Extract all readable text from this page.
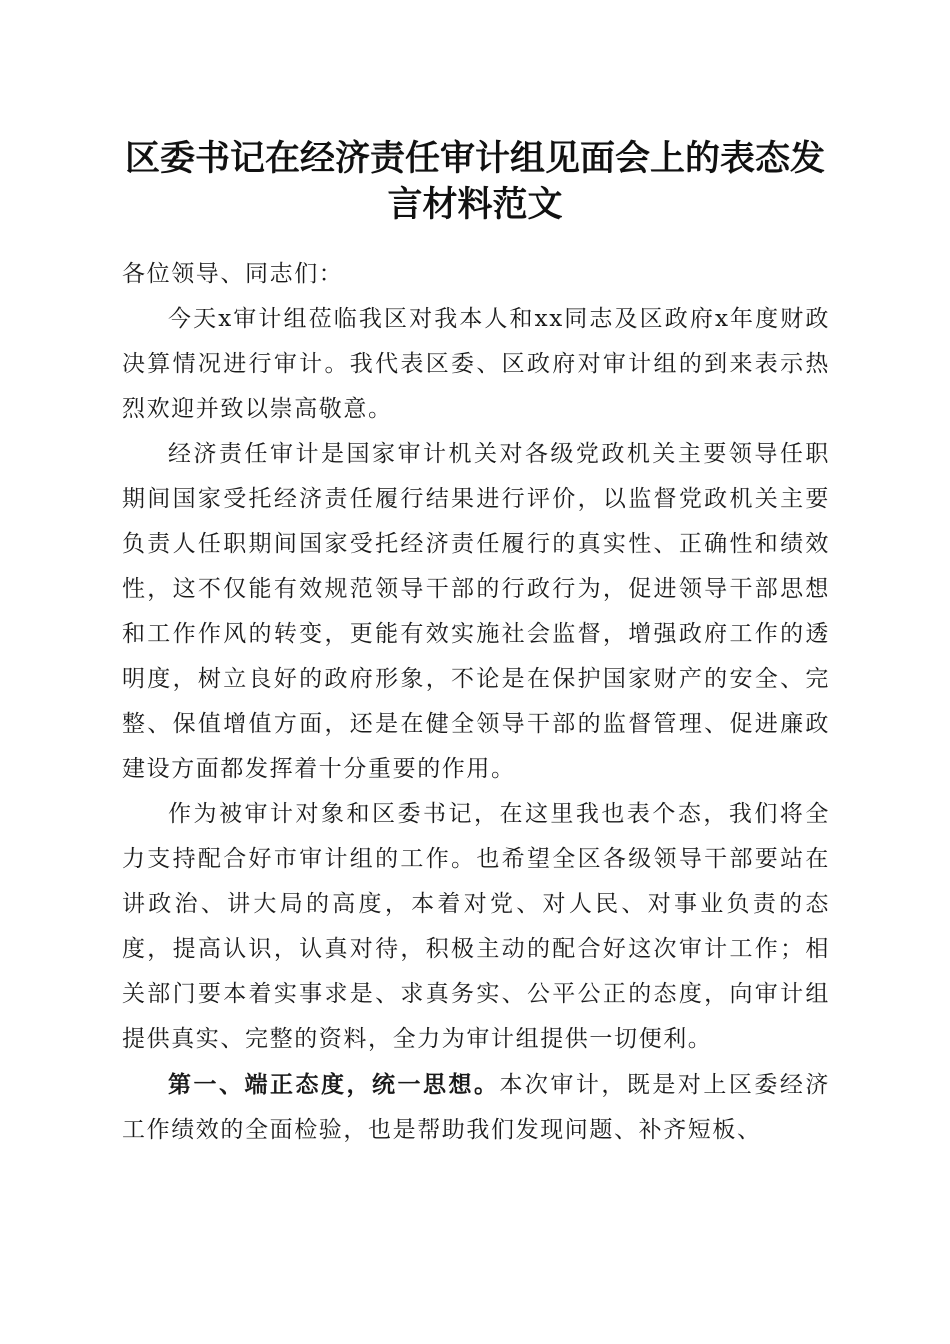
区委书记在经济责任审计组见面会上的表态发
言材料范文

各位领导、同志们：

今天x审计组莅临我区对我本人和xx同志及区政府x年度财政决算情况进行审计。我代表区委、区政府对审计组的到来表示热烈欢迎并致以崇高敬意。

经济责任审计是国家审计机关对各级党政机关主要领导任职期间国家受托经济责任履行结果进行评价，以监督党政机关主要负责人任职期间国家受托经济责任履行的真实性、正确性和绩效性，这不仅能有效规范领导干部的行政行为，促进领导干部思想和工作作风的转变，更能有效实施社会监督，增强政府工作的透明度，树立良好的政府形象，不论是在保护国家财产的安全、完整、保值增值方面，还是在健全领导干部的监督管理、促进廉政建设方面都发挥着十分重要的作用。

作为被审计对象和区委书记，在这里我也表个态，我们将全力支持配合好市审计组的工作。也希望全区各级领导干部要站在讲政治、讲大局的高度，本着对党、对人民、对事业负责的态度，提高认识，认真对待，积极主动的配合好这次审计工作；相关部门要本着实事求是、求真务实、公平公正的态度，向审计组提供真实、完整的资料，全力为审计组提供一切便利。

第一、端正态度，统一思想。本次审计，既是对上区委经济工作绩效的全面检验，也是帮助我们发现问题、补齐短板、
